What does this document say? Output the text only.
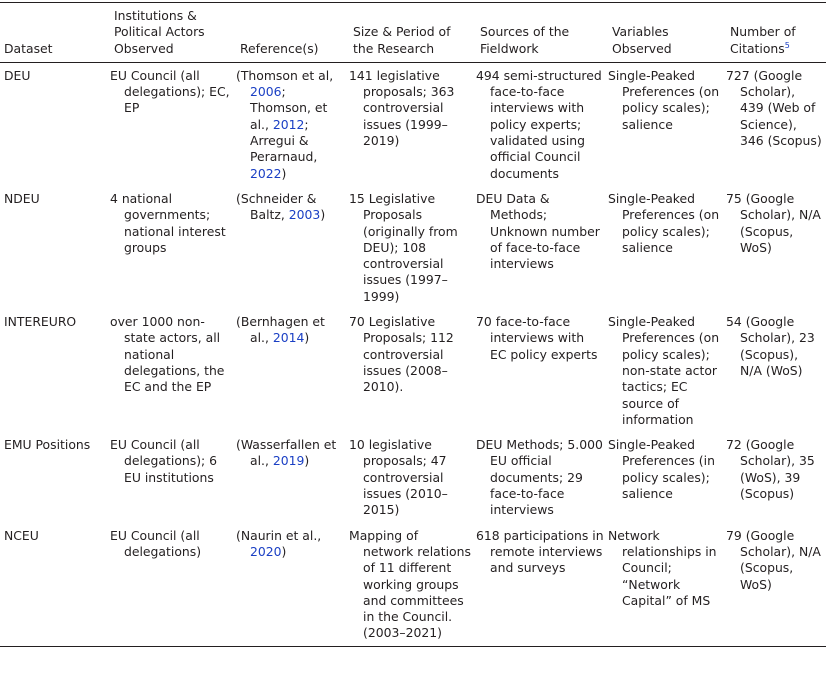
Dataset	Institutions & Political Actors Observed	Reference(s)	Size & Period of the Research	Sources of the Fieldwork	Variables Observed	Number of Citations$^5$
DEU	EU Council (all delegations); EC, EP	(Thomson et al, 2006; Thomson, et al., 2012; Arregui & Perarnaud, 2022)	141 legislative proposals; 363 controversial issues (1999–2019)	494 semi-structured face-to-face interviews with policy experts; validated using official Council documents	Single-Peaked Preferences (on policy scales); salience	727 (Google Scholar), 439 (Web of Science), 346 (Scopus)
NDEU	4 national governments; national interest groups	(Schneider & Baltz, 2003)	15 Legislative Proposals (originally from DEU); 108 controversial issues (1997–1999)	DEU Data & Methods; Unknown number of face-to-face interviews	Single-Peaked Preferences (on policy scales); salience	75 (Google Scholar), N/A (Scopus, WoS)
INTEREURO	over 1000 non-state actors, all national delegations, the EC and the EP	(Bernhagen et al., 2014)	70 Legislative Proposals; 112 controversial issues (2008–2010).	70 face-to-face interviews with EC policy experts	Single-Peaked Preferences (on policy scales); non-state actor tactics; EC source of information	54 (Google Scholar), 23 (Scopus), N/A (WoS)
EMU Positions	EU Council (all delegations); 6 EU institutions	(Wasserfallen et al., 2019)	10 legislative proposals; 47 controversial issues (2010–2015)	DEU Methods; 5.000 EU official documents; 29 face-to-face interviews	Single-Peaked Preferences (in policy scales); salience	72 (Google Scholar), 35 (WoS), 39 (Scopus)
NCEU	EU Council (all delegations)	(Naurin et al., 2020)	Mapping of network relations of 11 different working groups and committees in the Council. (2003–2021)	618 participations in remote interviews and surveys	Network relationships in Council; “Network Capital” of MS	79 (Google Scholar), N/A (Scopus, WoS)
